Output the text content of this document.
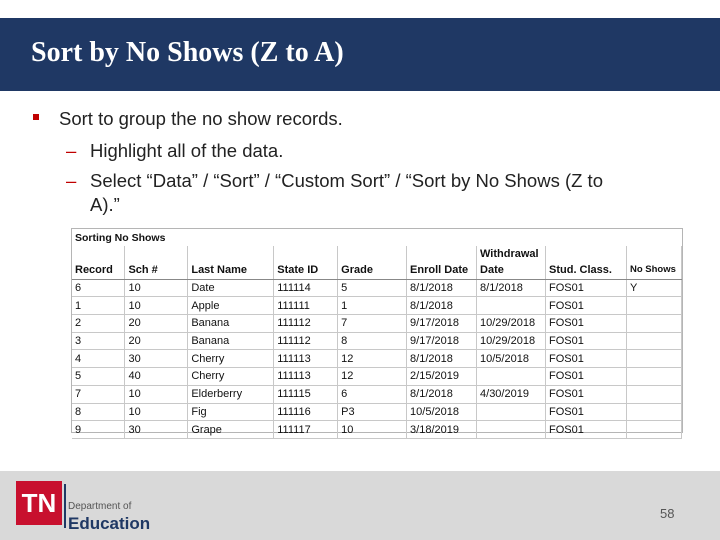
Sort by No Shows (Z to A)
Sort to group the no show records.
– Highlight all of the data.
– Select “Data” / “Sort” / “Custom Sort” / “Sort by No Shows (Z to
A).”
Sorting No Shows
						Withdrawal		
Record	Sch #	Last Name	State ID	Grade	Enroll Date	Date	Stud. Class.	No Shows
6	10	Date	111114	5	8/1/2018	8/1/2018	FOS01	Y
1	10	Apple	111111	1	8/1/2018		FOS01	
2	20	Banana	111112	7	9/17/2018	10/29/2018	FOS01	
3	20	Banana	111112	8	9/17/2018	10/29/2018	FOS01	
4	30	Cherry	111113	12	8/1/2018	10/5/2018	FOS01	
5	40	Cherry	111113	12	2/15/2019		FOS01	
7	10	Elderberry	111115	6	8/1/2018	4/30/2019	FOS01	
8	10	Fig	111116	P3	10/5/2018		FOS01	
9	30	Grape	111117	10	3/18/2019		FOS01	
TN	Department of
Education
58
